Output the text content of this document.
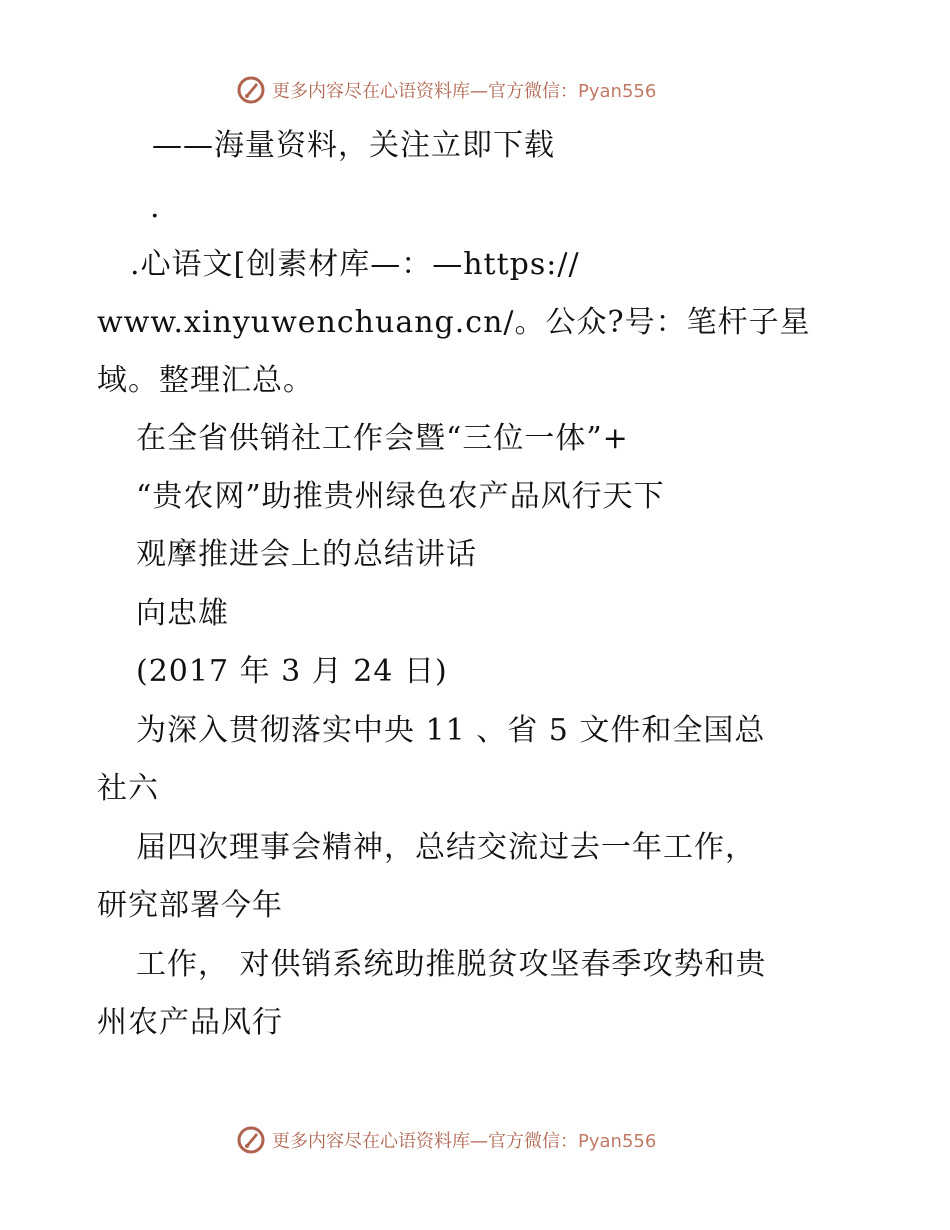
更多内容尽在心语资料库—官方微信：Pyan556
——海量资料，关注立即下载
.
.心语文[创素材库—：—https://
www.xinyuwenchuang.cn/。公众?号：笔杆子星
域。整理汇总。
在全省供销社工作会暨“三位一体”+
“贵农网”助推贵州绿色农产品风行天下
观摩推进会上的总结讲话
向忠雄
(2017 年 3 月 24 日)
为深入贯彻落实中央 11 、省 5 文件和全国总
社六
届四次理事会精神，总结交流过去一年工作，
研究部署今年
工作， 对供销系统助推脱贫攻坚春季攻势和贵
州农产品风行
更多内容尽在心语资料库—官方微信：Pyan556
